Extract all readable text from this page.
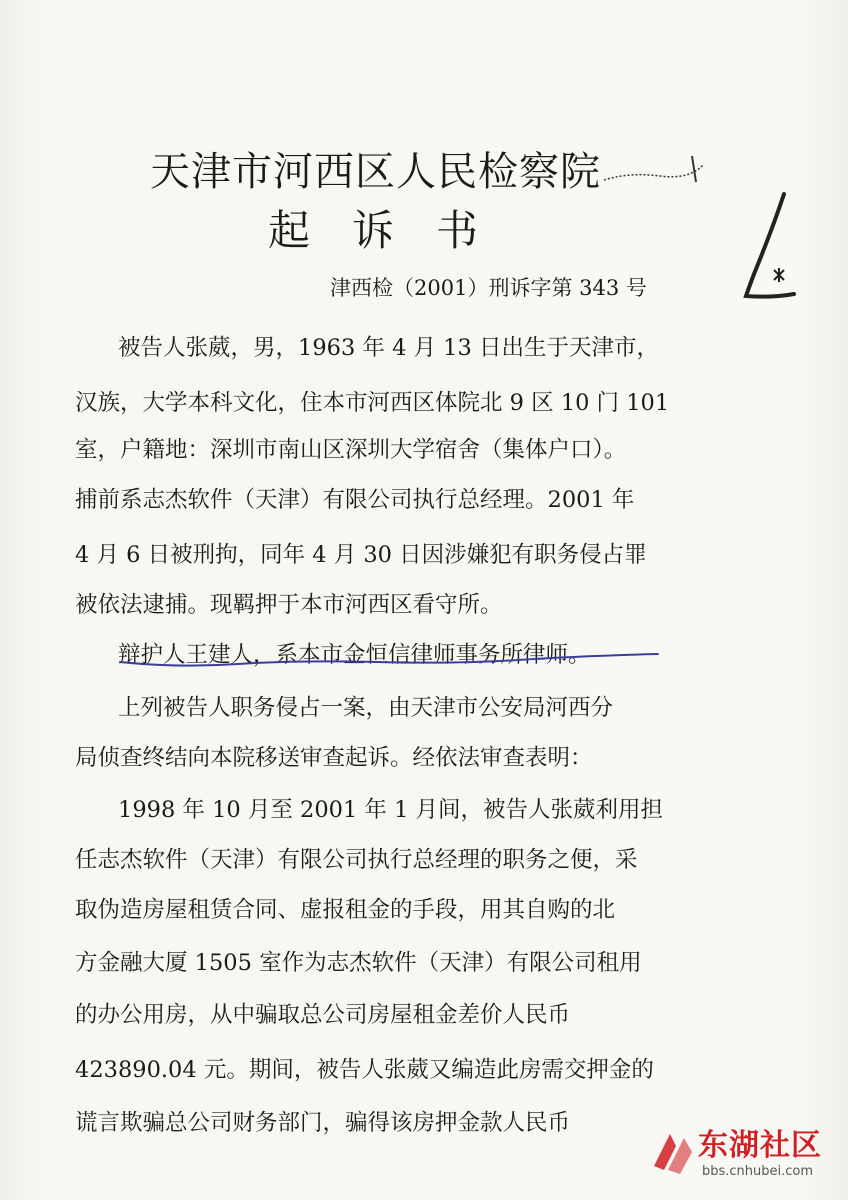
天津市河西区人民检察院
起 诉 书
津西检（2001）刑诉字第 343 号
被告人张葳，男，1963 年 4 月 13 日出生于天津市，
汉族，大学本科文化，住本市河西区体院北 9 区 10 门 101
室，户籍地：深圳市南山区深圳大学宿舍（集体户口）。
捕前系志杰软件（天津）有限公司执行总经理。2001 年
4 月 6 日被刑拘，同年 4 月 30 日因涉嫌犯有职务侵占罪
被依法逮捕。现羁押于本市河西区看守所。
辩护人王建人，系本市金恒信律师事务所律师。
上列被告人职务侵占一案，由天津市公安局河西分
局侦查终结向本院移送审查起诉。经依法审查表明：
1998 年 10 月至 2001 年 1 月间，被告人张葳利用担
任志杰软件（天津）有限公司执行总经理的职务之便，采
取伪造房屋租赁合同、虚报租金的手段，用其自购的北
方金融大厦 1505 室作为志杰软件（天津）有限公司租用
的办公用房，从中骗取总公司房屋租金差价人民币
423890.04 元。期间，被告人张葳又编造此房需交押金的
谎言欺骗总公司财务部门，骗得该房押金款人民币
东湖社区
bbs.cnhubei.com
